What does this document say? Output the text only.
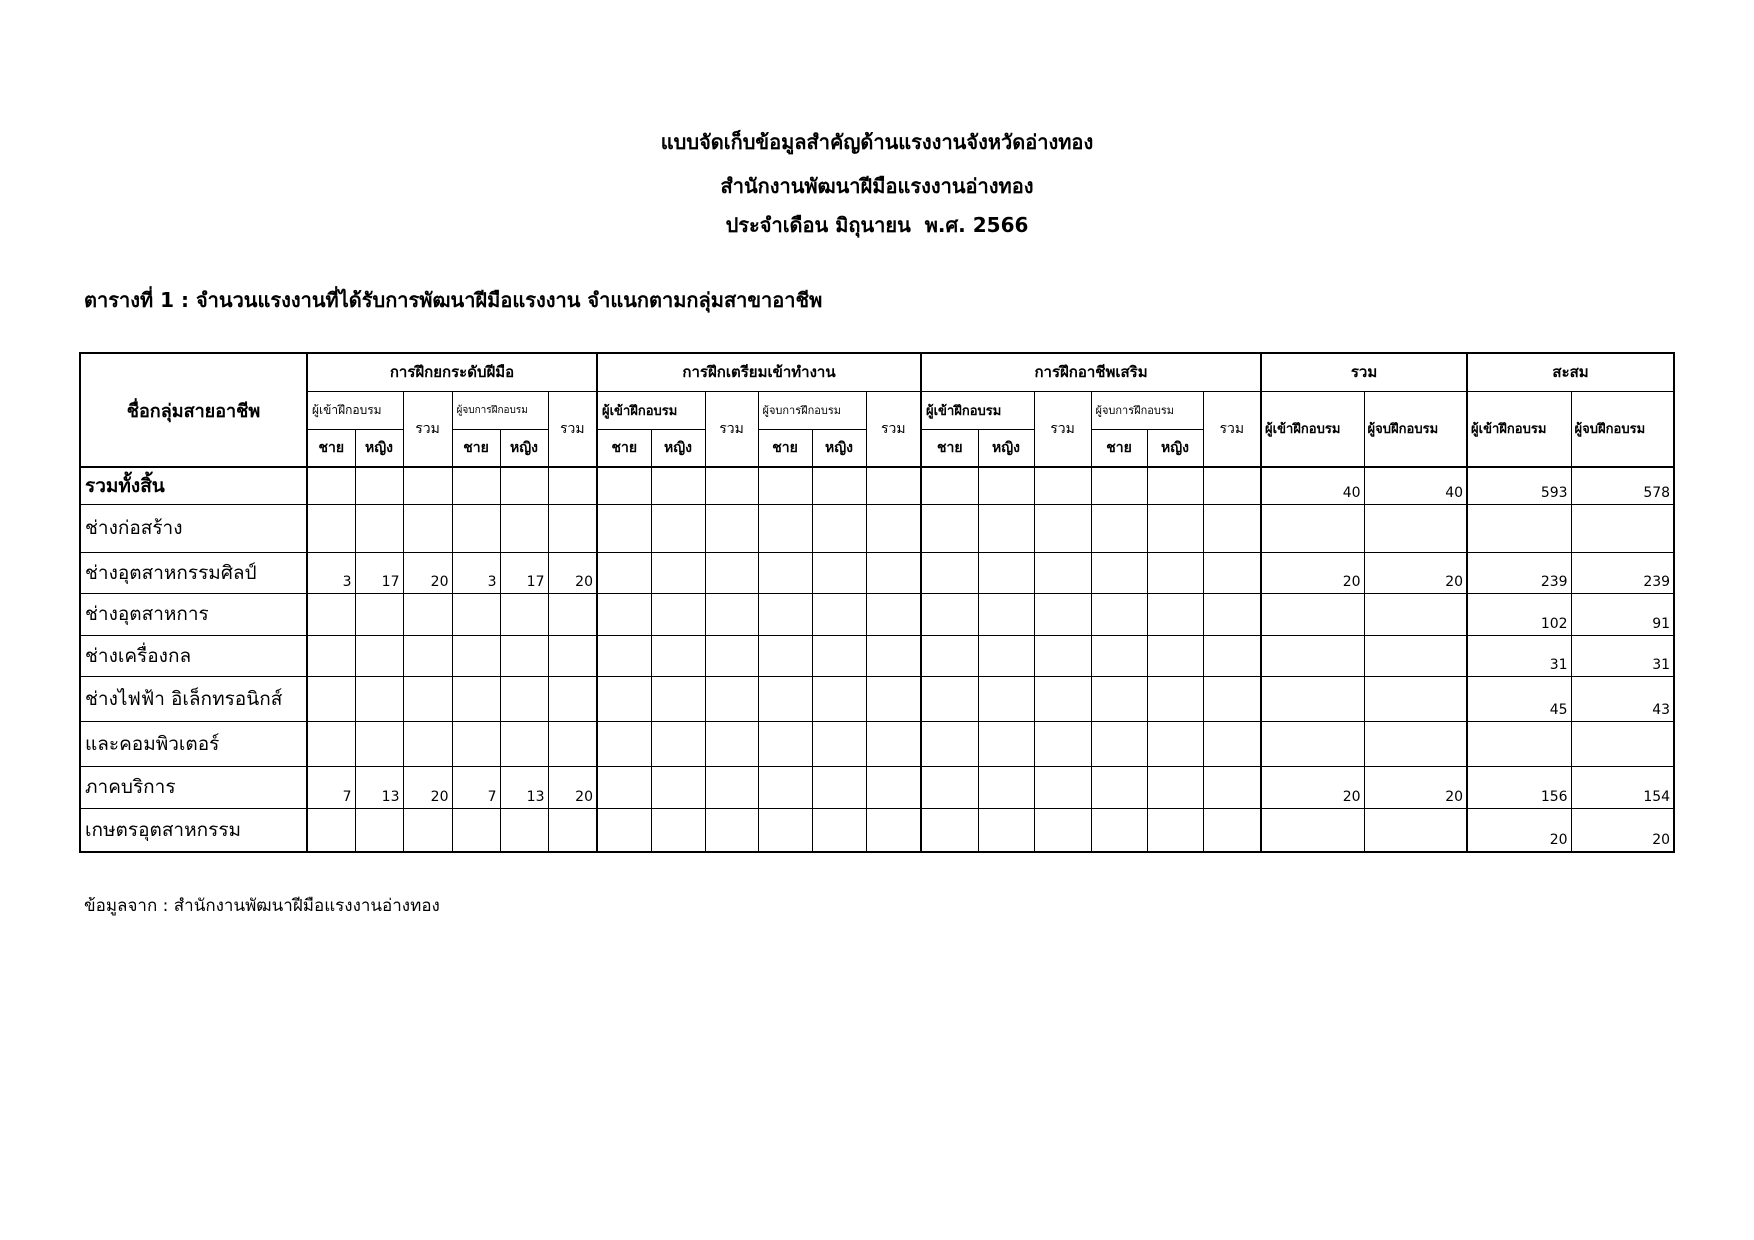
แบบจัดเก็บข้อมูลสำคัญด้านแรงงานจังหวัดอ่างทอง
สำนักงานพัฒนาฝีมือแรงงานอ่างทอง
ประจำเดือน มิถุนายน  พ.ศ. 2566
ตารางที่ 1 : จำนวนแรงงานที่ได้รับการพัฒนาฝีมือแรงงาน จำแนกตามกลุ่มสาขาอาชีพ
ชื่อกลุ่มสายอาชีพ	การฝึกยกระดับฝีมือ						การฝึกเตรียมเข้าทำงาน						การฝึกอาชีพเสริม						รวม		สะสม	
	ผู้เข้าฝึกอบรม		รวม	ผู้จบการฝึกอบรม		รวม	ผู้เข้าฝึกอบรม		รวม	ผู้จบการฝึกอบรม		รวม	ผู้เข้าฝึกอบรม		รวม	ผู้จบการฝึกอบรม		รวม	ผู้เข้าฝึกอบรม	ผู้จบฝึกอบรม	ผู้เข้าฝึกอบรม	ผู้จบฝึกอบรม
	ชาย	หญิง		ชาย	หญิง		ชาย	หญิง		ชาย	หญิง		ชาย	หญิง		ชาย	หญิง					
รวมทั้งสิ้น																			40	40	593	578
ช่างก่อสร้าง																						
ช่างอุตสาหกรรมศิลป์	3	17	20	3	17	20													20	20	239	239
ช่างอุตสาหการ																					102	91
ช่างเครื่องกล																					31	31
ช่างไฟฟ้า อิเล็กทรอนิกส์																					45	43
และคอมพิวเตอร์																						
ภาคบริการ	7	13	20	7	13	20													20	20	156	154
เกษตรอุตสาหกรรม																					20	20
ข้อมูลจาก : สำนักงานพัฒนาฝีมือแรงงานอ่างทอง
